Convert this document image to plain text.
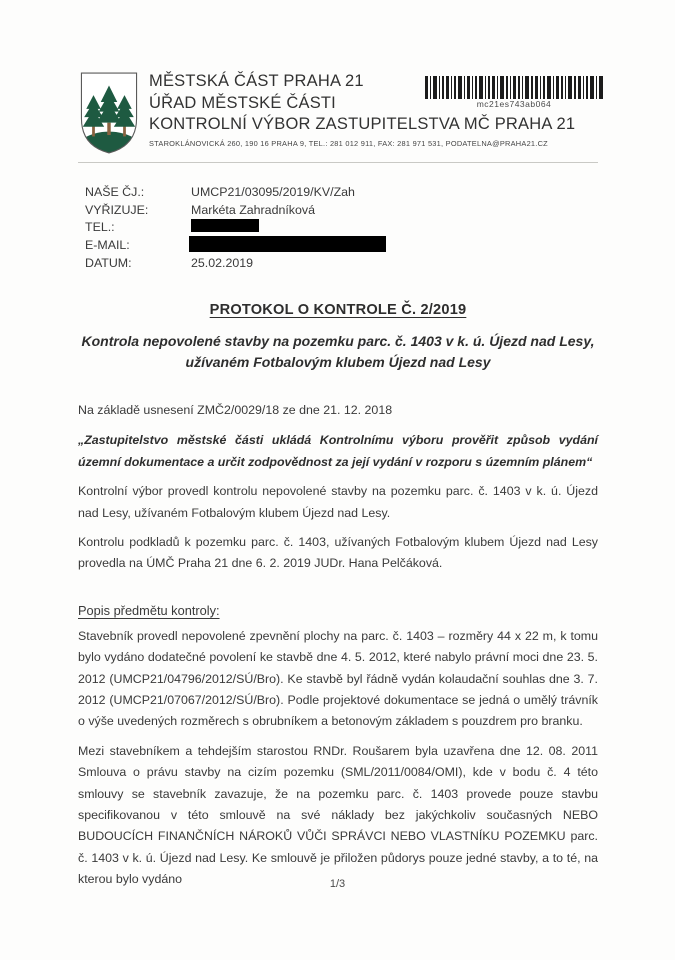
MĚSTSKÁ ČÁST PRAHA 21
ÚŘAD MĚSTSKÉ ČÁSTI
KONTROLNÍ VÝBOR ZASTUPITELSTVA MČ PRAHA 21
STAROKLÁNOVICKÁ 260, 190 16 PRAHA 9, TEL.: 281 012 911, FAX: 281 971 531, PODATELNA@PRAHA21.CZ
mc21es743ab064
NAŠE ČJ.:	UMCP21/03095/2019/KV/Zah
VYŘIZUJE:	Markéta Zahradníková
TEL.:
E-MAIL:
DATUM:	25.02.2019
PROTOKOL O KONTROLE Č. 2/2019
Kontrola nepovolené stavby na pozemku parc. č. 1403 v k. ú. Újezd nad Lesy,
užívaném Fotbalovým klubem Újezd nad Lesy
Na základě usnesení ZMČ2/0029/18 ze dne 21. 12. 2018
„Zastupitelstvo městské části ukládá Kontrolnímu výboru prověřit způsob vydání územní dokumentace a určit zodpovědnost za její vydání v rozporu s územním plánem“
Kontrolní výbor provedl kontrolu nepovolené stavby na pozemku parc. č. 1403 v k. ú. Újezd nad Lesy, užívaném Fotbalovým klubem Újezd nad Lesy.
Kontrolu podkladů k pozemku parc. č. 1403, užívaných Fotbalovým klubem Újezd nad Lesy provedla na ÚMČ Praha 21 dne 6. 2. 2019 JUDr. Hana Pelčáková.
Popis předmětu kontroly:
Stavebník provedl nepovolené zpevnění plochy na parc. č. 1403 – rozměry 44 x 22 m, k tomu bylo vydáno dodatečné povolení ke stavbě dne 4. 5. 2012, které nabylo právní moci dne 23. 5. 2012 (UMCP21/04796/2012/SÚ/Bro). Ke stavbě byl řádně vydán kolaudační souhlas dne 3. 7. 2012 (UMCP21/07067/2012/SÚ/Bro). Podle projektové dokumentace se jedná o umělý trávník o výše uvedených rozměrech s obrubníkem a betonovým základem s pouzdrem pro branku.
Mezi stavebníkem a tehdejším starostou RNDr. Roušarem byla uzavřena dne 12. 08. 2011 Smlouva o právu stavby na cizím pozemku (SML/2011/0084/OMI), kde v bodu č. 4 této smlouvy se stavebník zavazuje, že na pozemku parc. č. 1403 provede pouze stavbu specifikovanou v této smlouvě na své náklady bez jakýchkoliv současných NEBO BUDOUCÍCH FINANČNÍCH NÁROKŮ VŮČI SPRÁVCI NEBO VLASTNÍKU POZEMKU parc. č. 1403 v k. ú. Újezd nad Lesy. Ke smlouvě je přiložen půdorys pouze jedné stavby, a to té, na kterou bylo vydáno	1/3
